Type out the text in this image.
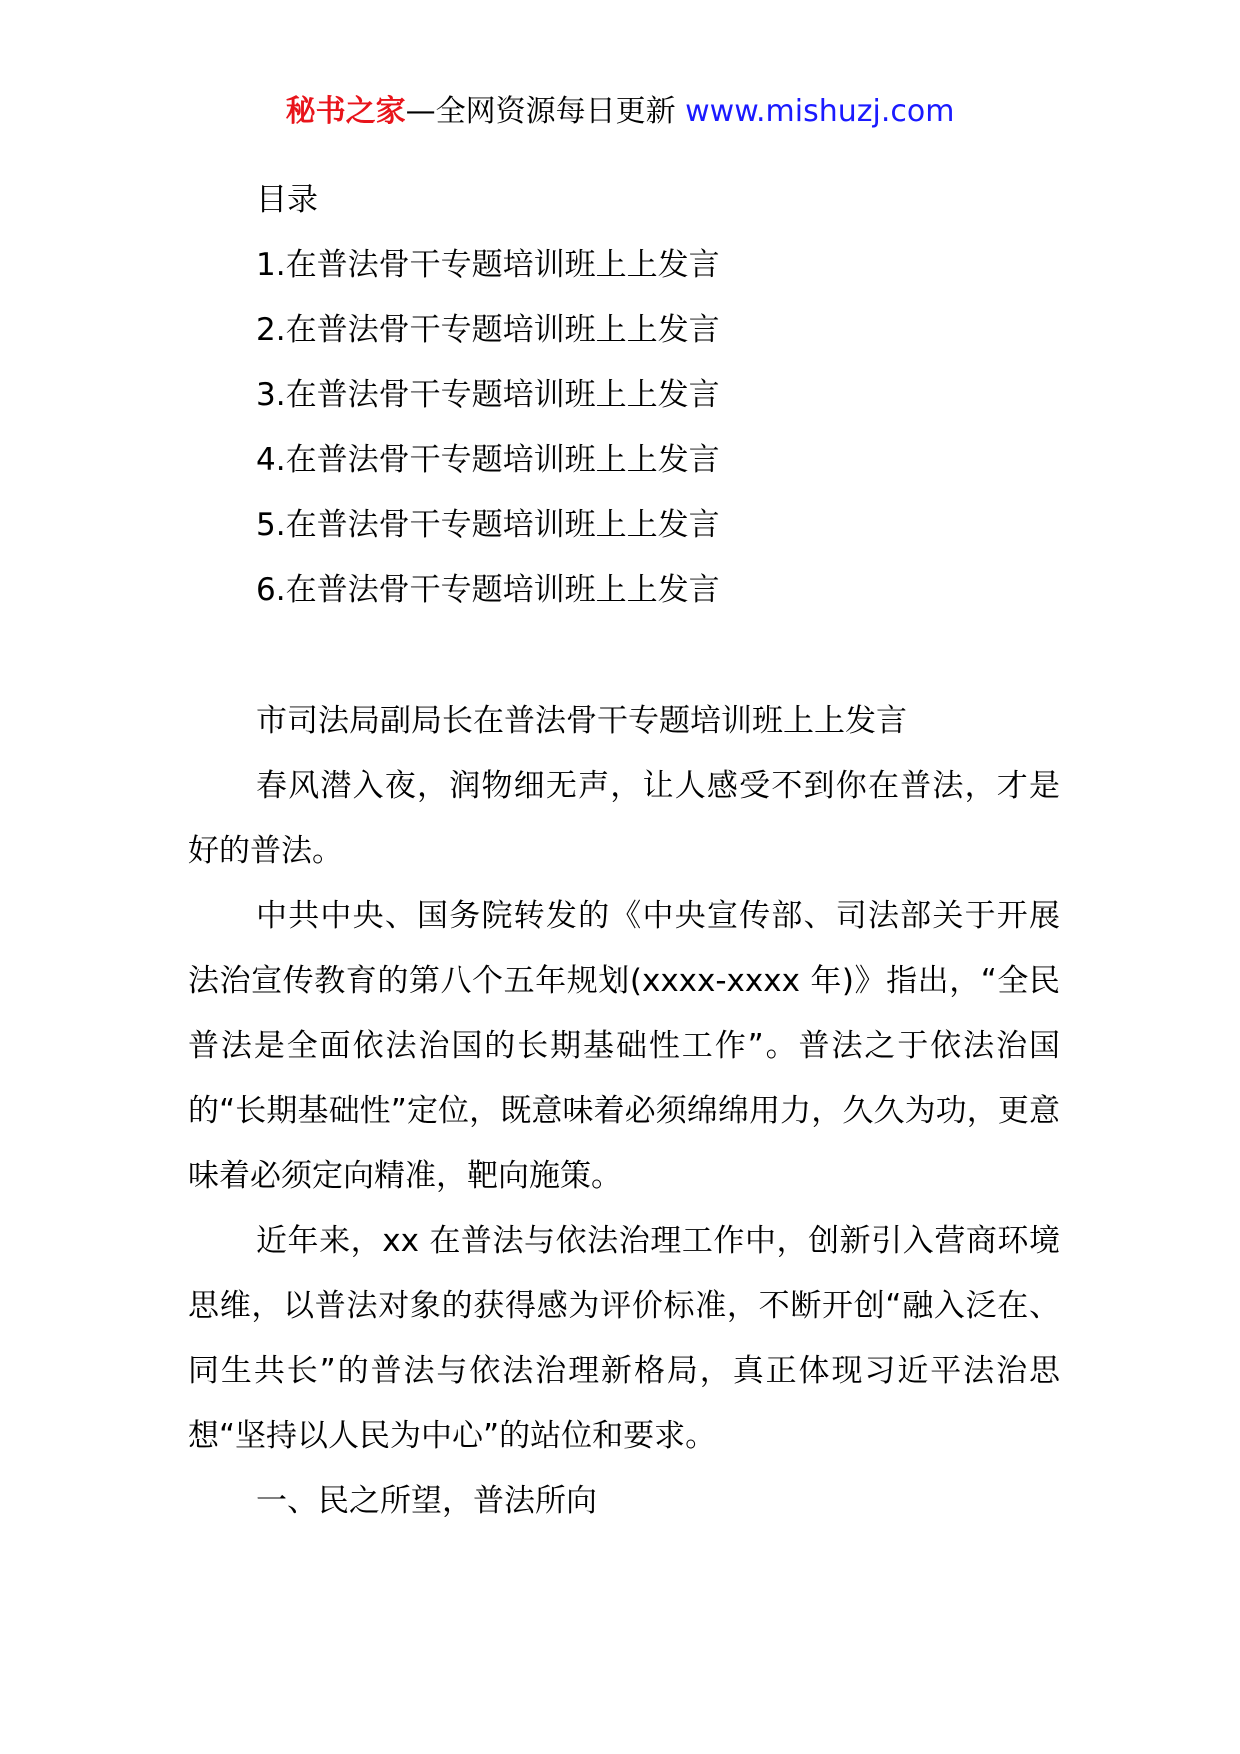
秘书之家—全网资源每日更新 www.mishuzj.com
目录
1.在普法骨干专题培训班上上发言
2.在普法骨干专题培训班上上发言
3.在普法骨干专题培训班上上发言
4.在普法骨干专题培训班上上发言
5.在普法骨干专题培训班上上发言
6.在普法骨干专题培训班上上发言
市司法局副局长在普法骨干专题培训班上上发言

春风潜入夜，润物细无声，让人感受不到你在普法，才是好的普法。

中共中央、国务院转发的《中央宣传部、司法部关于开展法治宣传教育的第八个五年规划(xxxx-xxxx 年)》指出，“全民普法是全面依法治国的长期基础性工作”。普法之于依法治国的“长期基础性”定位，既意味着必须绵绵用力，久久为功，更意味着必须定向精准，靶向施策。

近年来，xx 在普法与依法治理工作中，创新引入营商环境思维，以普法对象的获得感为评价标准，不断开创“融入泛在、同生共长”的普法与依法治理新格局，真正体现习近平法治思想“坚持以人民为中心”的站位和要求。

一、民之所望，普法所向
